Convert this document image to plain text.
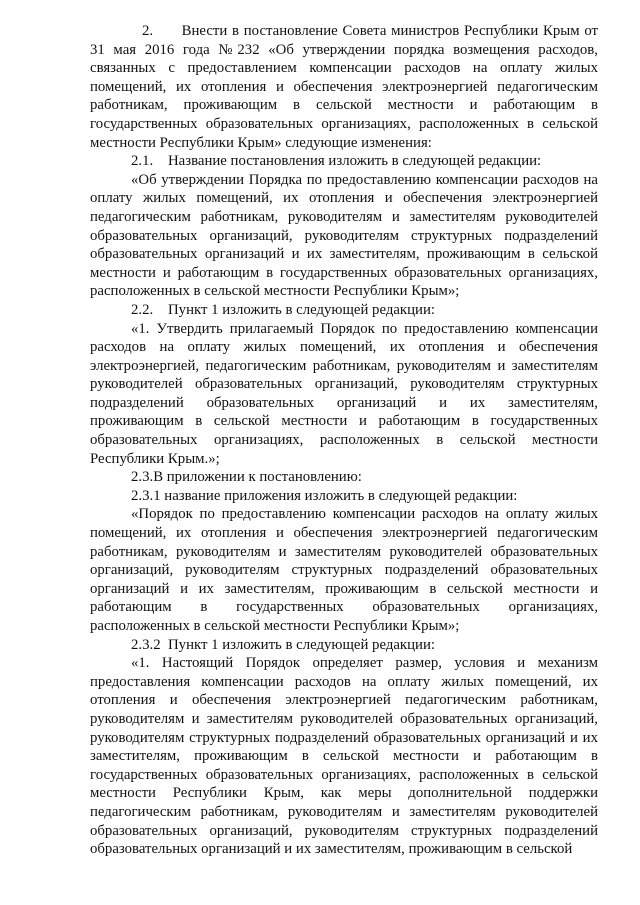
2.      Внести в постановление Совета министров Республики Крым от 31 мая 2016 года №232 «Об утверждении порядка возмещения расходов, связанных с предоставлением компенсации расходов на оплату жилых помещений, их отопления и обеспечения электроэнергией педагогическим работникам, проживающим в сельской местности и работающим в государственных образовательных организациях, расположенных в сельской местности Республики Крым» следующие изменения:

2.1.    Название постановления изложить в следующей редакции:

«Об утверждении Порядка по предоставлению компенсации расходов на оплату жилых помещений, их отопления и обеспечения электроэнергией педагогическим работникам, руководителям и заместителям руководителей образовательных организаций, руководителям структурных подразделений образовательных организаций и их заместителям, проживающим в сельской местности и работающим в государственных образовательных организациях, расположенных в сельской местности Республики Крым»;

2.2.    Пункт 1 изложить в следующей редакции:

«1. Утвердить прилагаемый Порядок по предоставлению компенсации расходов на оплату жилых помещений, их отопления и обеспечения электроэнергией, педагогическим работникам, руководителям и заместителям руководителей образовательных организаций, руководителям структурных подразделений образовательных организаций и их заместителям, проживающим в сельской местности и работающим в государственных образовательных организациях, расположенных в сельской местности Республики Крым.»;

2.3.В приложении к постановлению:

2.3.1 название приложения изложить в следующей редакции:

«Порядок по предоставлению компенсации расходов на оплату жилых помещений, их отопления и обеспечения электроэнергией педагогическим работникам, руководителям и заместителям руководителей образовательных организаций, руководителям структурных подразделений образовательных организаций и их заместителям, проживающим в сельской местности и работающим в государственных образовательных организациях, расположенных в сельской местности Республики Крым»;

2.3.2  Пункт 1 изложить в следующей редакции:

«1. Настоящий Порядок определяет размер, условия и механизм предоставления компенсации расходов на оплату жилых помещений, их отопления и обеспечения электроэнергией педагогическим работникам, руководителям и заместителям руководителей образовательных организаций, руководителям структурных подразделений образовательных организаций и их заместителям, проживающим в сельской местности и работающим в государственных образовательных организациях, расположенных в сельской местности Республики Крым, как меры дополнительной поддержки педагогическим работникам, руководителям и заместителям руководителей образовательных организаций, руководителям структурных подразделений образовательных организаций и их заместителям, проживающим в сельской
